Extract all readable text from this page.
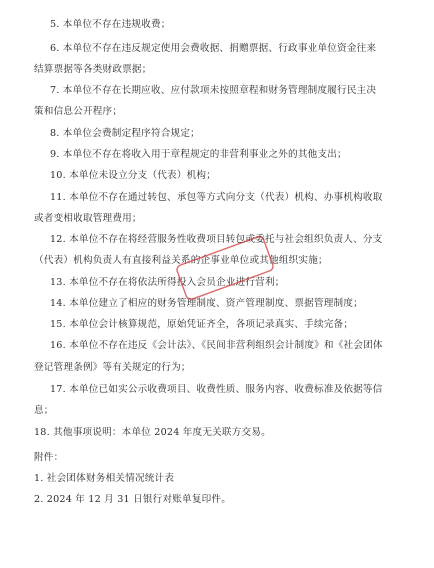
5. 本单位不存在违规收费；
6. 本单位不存在违反规定使用会费收据、捐赠票据、行政事业单位资金往来
结算票据等各类财政票据；
7. 本单位不存在长期应收、应付款项未按照章程和财务管理制度履行民主决
策和信息公开程序；
8. 本单位会费制定程序符合规定；
9. 本单位不存在将收入用于章程规定的非营利事业之外的其他支出；
10. 本单位未设立分支（代表）机构；
11. 本单位不存在通过转包、承包等方式向分支（代表）机构、办事机构收取
或者变相收取管理费用；
12. 本单位不存在将经营服务性收费项目转包或委托与社会组织负责人、分支
（代表）机构负责人有直接利益关系的企事业单位或其他组织实施；
13. 本单位不存在将依法所得投入会员企业进行营利；
14. 本单位建立了相应的财务管理制度、资产管理制度、票据管理制度；
15. 本单位会计核算规范，原始凭证齐全，各项记录真实、手续完备；
16. 本单位不存在违反《会计法》、《民间非营利组织会计制度》和《社会团体
登记管理条例》等有关规定的行为；
17. 本单位已如实公示收费项目、收费性质、服务内容、收费标准及依据等信
息；
18. 其他事项说明：本单位 2024 年度无关联方交易。
附件：
1. 社会团体财务相关情况统计表
2. 2024 年 12 月 31 日银行对账单复印件。
